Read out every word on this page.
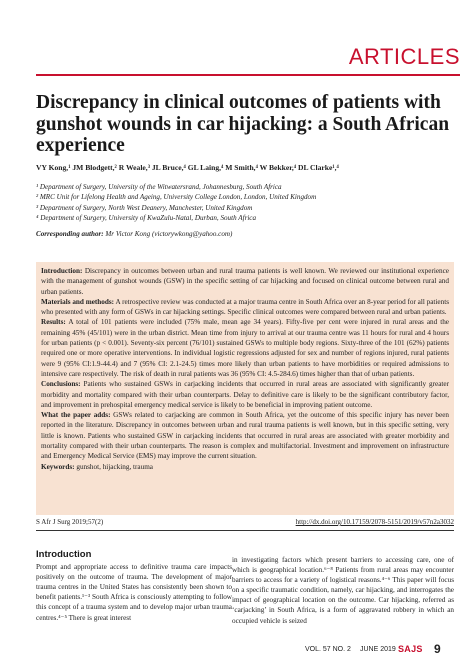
ARTICLES
Discrepancy in clinical outcomes of patients with gunshot wounds in car hijacking: a South African experience
VY Kong,¹ JM Blodgett,² R Weale,³ JL Bruce,⁴ GL Laing,⁴ M Smith,⁴ W Bekker,⁴ DL Clarke¹,⁴
¹ Department of Surgery, University of the Witwatersrand, Johannesburg, South Africa
² MRC Unit for Lifelong Health and Ageing, University College London, London, United Kingdom
³ Department of Surgery, North West Deanery, Manchester, United Kingdom
⁴ Department of Surgery, University of KwaZulu-Natal, Durban, South Africa
Corresponding author: Mr Victor Kong (victorywkong@yahoo.com)

Introduction: Discrepancy in outcomes between urban and rural trauma patients is well known. We reviewed our institutional experience with the management of gunshot wounds (GSW) in the specific setting of car hijacking and focused on clinical outcome between rural and urban patients.

Materials and methods: A retrospective review was conducted at a major trauma centre in South Africa over an 8-year period for all patients who presented with any form of GSWs in car hijacking settings. Specific clinical outcomes were compared between rural and urban patients.

Results: A total of 101 patients were included (75% male, mean age 34 years). Fifty-five per cent were injured in rural areas and the remaining 45% (45/101) were in the urban district. Mean time from injury to arrival at our trauma centre was 11 hours for rural and 4 hours for urban patients (p < 0.001). Seventy-six percent (76/101) sustained GSWs to multiple body regions. Sixty-three of the 101 (62%) patients required one or more operative interventions. In individual logistic regressions adjusted for sex and number of regions injured, rural patients were 9 (95% CI:1.9-44.4) and 7 (95% CI: 2.1-24.5) times more likely than urban patients to have morbidities or required admissions to intensive care respectively. The risk of death in rural patients was 36 (95% CI: 4.5-284.6) times higher than that of urban patients.

Conclusions: Patients who sustained GSWs in carjacking incidents that occurred in rural areas are associated with significantly greater morbidity and mortality compared with their urban counterparts. Delay to definitive care is likely to be the significant contributory factor, and improvement in prehospital emergency medical service is likely to be beneficial in improving patient outcome.

What the paper adds: GSWs related to carjacking are common in South Africa, yet the outcome of this specific injury has never been reported in the literature. Discrepancy in outcomes between urban and rural trauma patients is well known, but in this specific setting, very little is known. Patients who sustained GSW in carjacking incidents that occurred in rural areas are associated with greater morbidity and mortality compared with their urban counterparts. The reason is complex and multifactorial. Investment and improvement on infrastructure and Emergency Medical Service (EMS) may improve the current situation.

Keywords: gunshot, hijacking, trauma

S Afr J Surg 2019;57(2)	http://dx.doi.org/10.17159/2078-5151/2019/v57n2a3032
Introduction

Prompt and appropriate access to definitive trauma care impacts positively on the outcome of trauma. The development of major trauma centres in the United States has consistently been shown to benefit patients.¹⁻³ South Africa is consciously attempting to follow this concept of a trauma system and to develop major urban trauma centres.⁴⁻⁵ There is great interest

in investigating factors which present barriers to accessing care, one of which is geographical location.⁶⁻⁸ Patients from rural areas may encounter barriers to access for a variety of logistical reasons.⁴⁻⁶ This paper will focus on a specific traumatic condition, namely, car hijacking, and interrogates the impact of geographical location on the outcome. Car hijacking, referred as ‘carjacking’ in South Africa, is a form of aggravated robbery in which an occupied vehicle is seized

VOL. 57 NO. 2 JUNE 2019 SAJS 9
